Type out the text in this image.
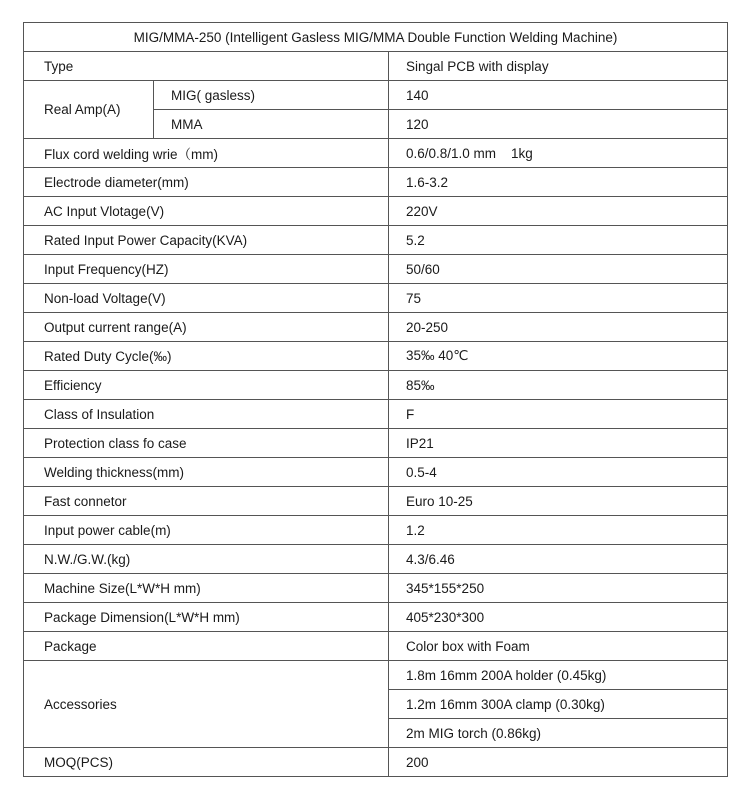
MIG/MMA-250 (Intelligent Gasless MIG/MMA Double Function Welding Machine)		
Type		Singal PCB with display
Real Amp(A)	MIG( gasless)	140
	MMA	120
Flux cord welding wrie（mm)		0.6/0.8/1.0 mm    1kg
Electrode diameter(mm)		1.6-3.2
AC Input Vlotage(V)		220V
Rated Input Power Capacity(KVA)		5.2
Input Frequency(HZ)		50/60
Non-load Voltage(V)		75
Output current range(A)		20-250
Rated Duty Cycle(‰)		35‰ 40℃
Efficiency		85‰
Class of Insulation		F
Protection class fo case		IP21
Welding thickness(mm)		0.5-4
Fast connetor		Euro 10-25
Input power cable(m)		1.2
N.W./G.W.(kg)		4.3/6.46
Machine Size(L*W*H mm)		345*155*250
Package Dimension(L*W*H mm)		405*230*300
Package		Color box with Foam
Accessories		1.8m 16mm 200A holder (0.45kg)
		1.2m 16mm 300A clamp (0.30kg)
		2m MIG torch (0.86kg)
MOQ(PCS)		200
